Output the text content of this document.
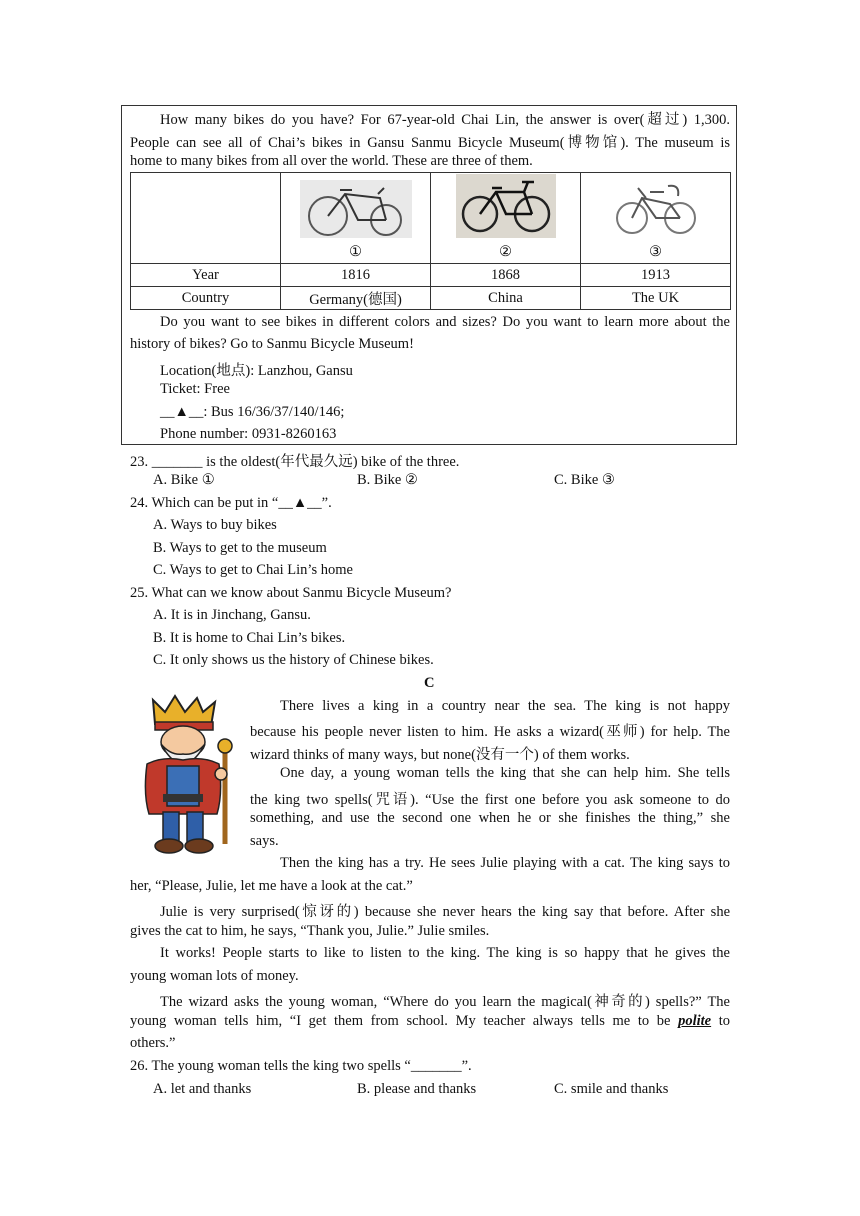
How many bikes do you have? For 67-year-old Chai Lin, the answer is over(超过) 1,300.
People can see all of Chai’s bikes in Gansu Sanmu Bicycle Museum(博物馆). The museum is
home to many bikes from all over the world. These are three of them.

	①	②	③

Year	1816	1868	1913
Country	Germany(德国)	China	The UK
Do you want to see bikes in different colors and sizes? Do you want to learn more about the
history of bikes? Go to Sanmu Bicycle Museum!
Location(地点): Lanzhou, Gansu
Ticket: Free
__▲__: Bus 16/36/37/140/146;
Phone number: 0931-8260163
23. _______ is the oldest(年代最久远) bike of the three.
A. Bike ①	B. Bike ②	C. Bike ③
24. Which can be put in “__▲__”.
A. Ways to buy bikes
B. Ways to get to the museum
C. Ways to get to Chai Lin’s home
25. What can we know about Sanmu Bicycle Museum?
A. It is in Jinchang, Gansu.
B. It is home to Chai Lin’s bikes.
C. It only shows us the history of Chinese bikes.
C
There lives a king in a country near the sea. The king is not happy
because his people never listen to him. He asks a wizard(巫师) for help. The
wizard thinks of many ways, but none(没有一个) of them works.
One day, a young woman tells the king that she can help him. She tells
the king two spells(咒语). “Use the first one before you ask someone to do
something, and use the second one when he or she finishes the thing,” she
says.
Then the king has a try. He sees Julie playing with a cat. The king says to
her, “Please, Julie, let me have a look at the cat.”
Julie is very surprised(惊讶的) because she never hears the king say that before. After she
gives the cat to him, he says, “Thank you, Julie.” Julie smiles.
It works! People starts to like to listen to the king. The king is so happy that he gives the
young woman lots of money.
The wizard asks the young woman, “Where do you learn the magical(神奇的) spells?” The
young woman tells him, “I get them from school. My teacher always tells me to be polite to
others.”
26. The young woman tells the king two spells “_______”.
A. let and thanks	B. please and thanks	C. smile and thanks
